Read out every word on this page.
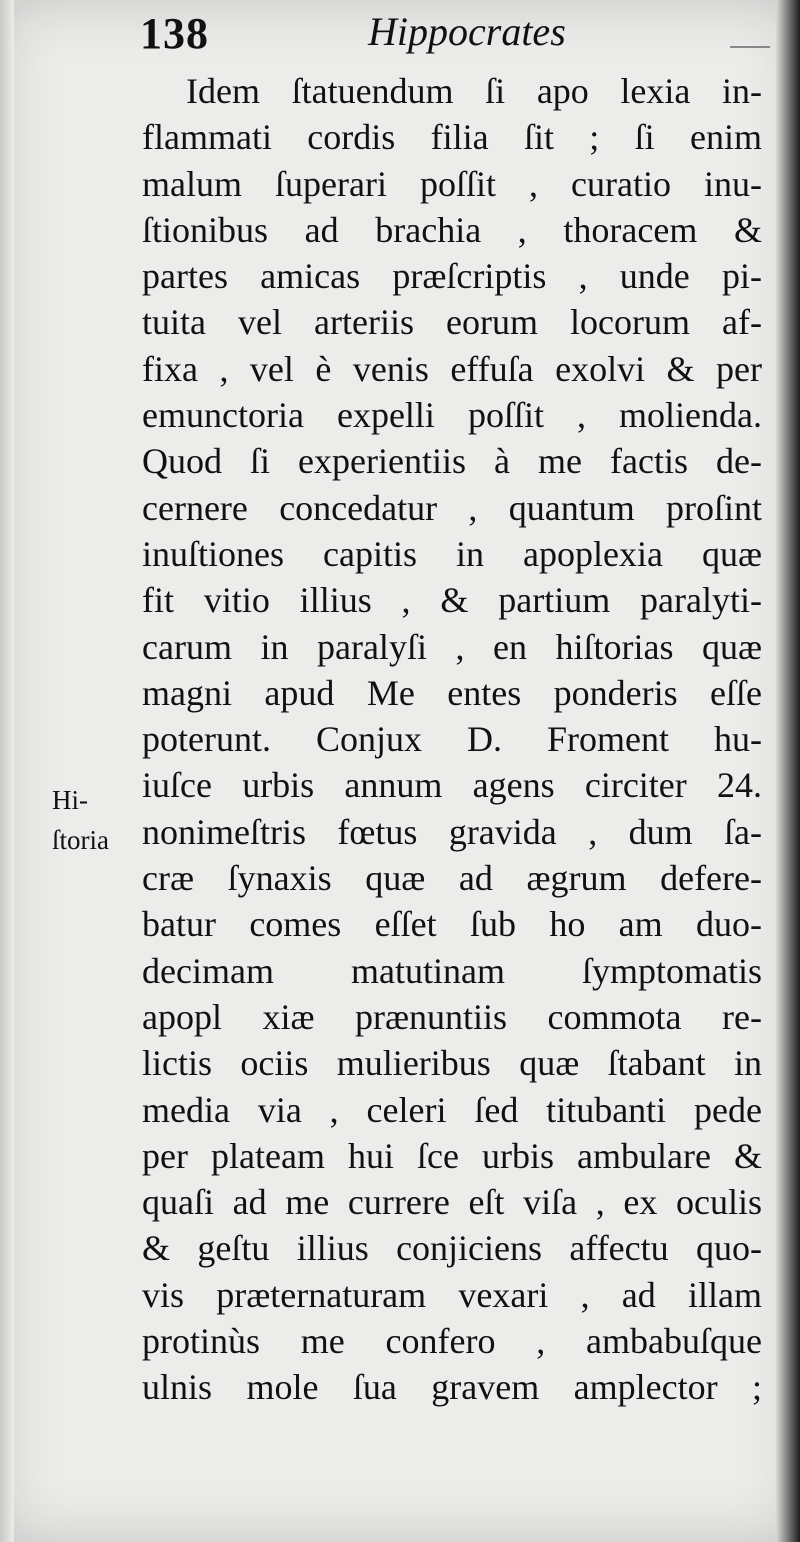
138	Hippocrates
Hi-
ſtoria
Idem ſtatuendum ſi apo lexia in-
flammati cordis filia ſit ; ſi enim
malum ſuperari poſſit , curatio inu-
ſtionibus ad brachia , thoracem &
partes amicas præſcriptis , unde pi-
tuita vel arteriis eorum locorum af-
fixa , vel è venis effuſa exolvi & per
emunctoria expelli poſſit , molienda.
Quod ſi experientiis à me factis de-
cernere concedatur , quantum proſint
inuſtiones capitis in apoplexia quæ
fit vitio illius , & partium paralyti-
carum in paralyſi , en hiſtorias quæ
magni apud Me entes ponderis eſſe
poterunt. Conjux D. Froment hu-
iuſce urbis annum agens circiter 24.
nonimeſtris fœtus gravida , dum ſa-
cræ ſynaxis quæ ad ægrum defere-
batur comes eſſet ſub ho am duo-
decimam matutinam ſymptomatis
apopl xiæ prænuntiis commota re-
lictis ociis mulieribus quæ ſtabant in
media via , celeri ſed titubanti pede
per plateam hui ſce urbis ambulare &
quaſi ad me currere eſt viſa , ex oculis
& geſtu illius conjiciens affectu quo-
vis præternaturam vexari , ad illam
protinùs me confero , ambabuſque
ulnis mole ſua gravem amplector ;
